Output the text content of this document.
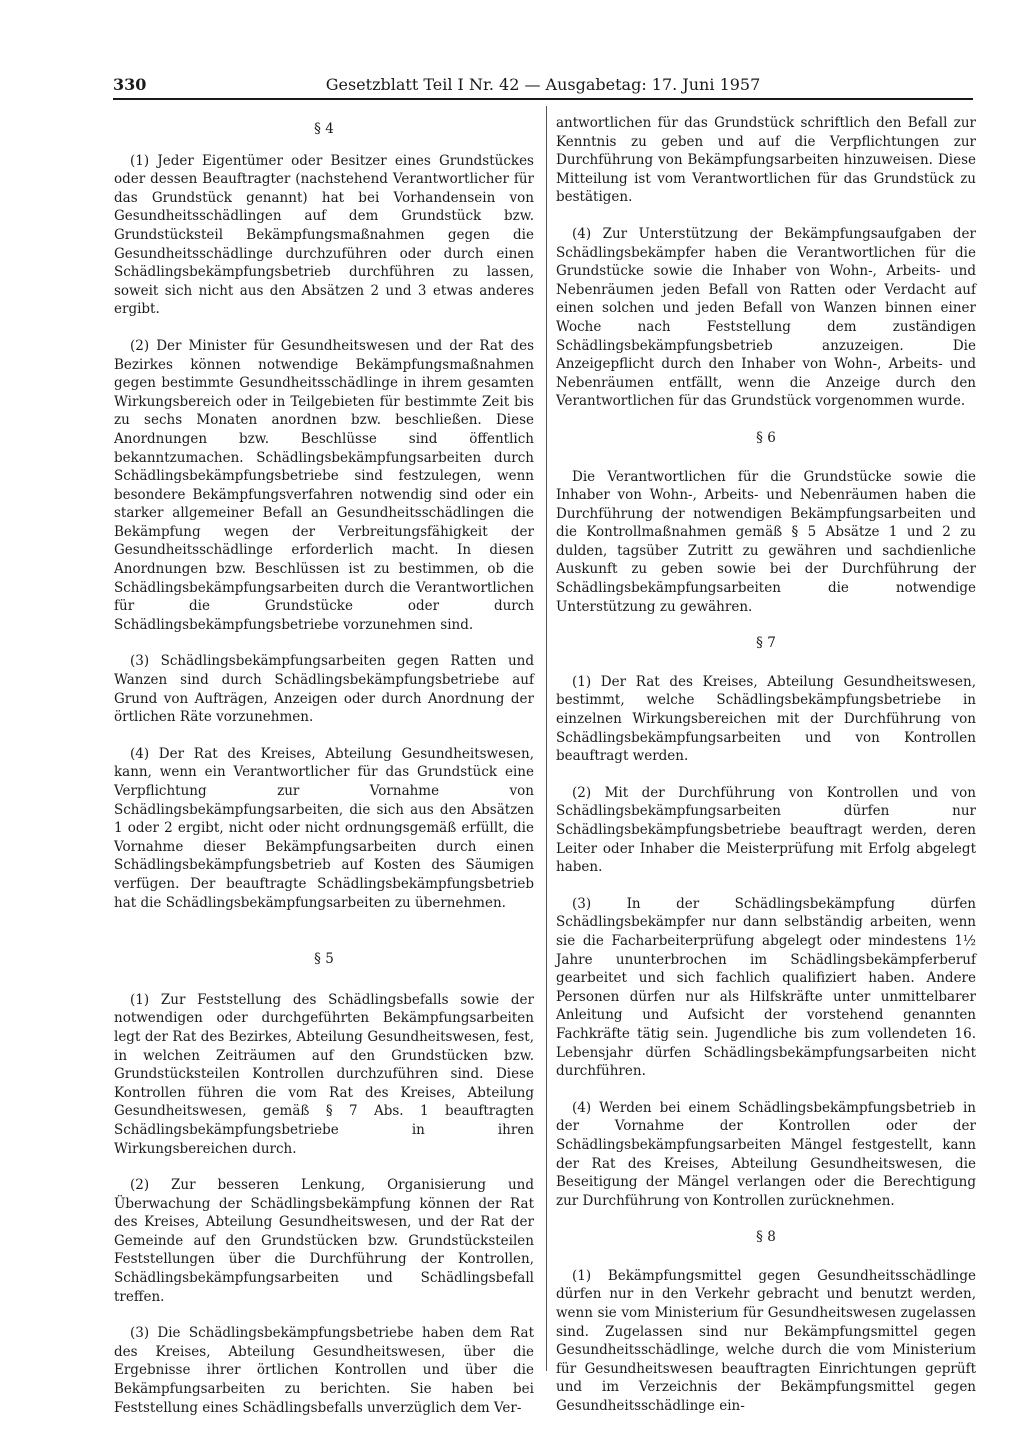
330	Gesetzblatt Teil I Nr. 42 — Ausgabetag: 17. Juni 1957
§ 4

(1) Jeder Eigentümer oder Besitzer eines Grundstückes oder dessen Beauftragter (nachstehend Verantwortlicher für das Grundstück genannt) hat bei Vorhandensein von Gesundheitsschädlingen auf dem Grundstück bzw. Grundstücksteil Bekämpfungsmaßnahmen gegen die Gesundheitsschädlinge durchzuführen oder durch einen Schädlingsbekämpfungsbetrieb durchführen zu lassen, soweit sich nicht aus den Absätzen 2 und 3 etwas anderes ergibt.

(2) Der Minister für Gesundheitswesen und der Rat des Bezirkes können notwendige Bekämpfungsmaßnahmen gegen bestimmte Gesundheitsschädlinge in ihrem gesamten Wirkungsbereich oder in Teilgebieten für bestimmte Zeit bis zu sechs Monaten anordnen bzw. beschließen. Diese Anordnungen bzw. Beschlüsse sind öffentlich bekanntzumachen. Schädlingsbekämpfungsarbeiten durch Schädlingsbekämpfungsbetriebe sind festzulegen, wenn besondere Bekämpfungsverfahren notwendig sind oder ein starker allgemeiner Befall an Gesundheitsschädlingen die Bekämpfung wegen der Verbreitungsfähigkeit der Gesundheitsschädlinge erforderlich macht. In diesen Anordnungen bzw. Beschlüssen ist zu bestimmen, ob die Schädlingsbekämpfungsarbeiten durch die Verantwortlichen für die Grundstücke oder durch Schädlingsbekämpfungsbetriebe vorzunehmen sind.

(3) Schädlingsbekämpfungsarbeiten gegen Ratten und Wanzen sind durch Schädlingsbekämpfungsbetriebe auf Grund von Aufträgen, Anzeigen oder durch Anordnung der örtlichen Räte vorzunehmen.

(4) Der Rat des Kreises, Abteilung Gesundheitswesen, kann, wenn ein Verantwortlicher für das Grundstück eine Verpflichtung zur Vornahme von Schädlingsbekämpfungsarbeiten, die sich aus den Absätzen 1 oder 2 ergibt, nicht oder nicht ordnungsgemäß erfüllt, die Vornahme dieser Bekämpfungsarbeiten durch einen Schädlingsbekämpfungsbetrieb auf Kosten des Säumigen verfügen. Der beauftragte Schädlingsbekämpfungsbetrieb hat die Schädlingsbekämpfungsarbeiten zu übernehmen.

§ 5

(1) Zur Feststellung des Schädlingsbefalls sowie der notwendigen oder durchgeführten Bekämpfungsarbeiten legt der Rat des Bezirkes, Abteilung Gesundheitswesen, fest, in welchen Zeiträumen auf den Grundstücken bzw. Grundstücksteilen Kontrollen durchzuführen sind. Diese Kontrollen führen die vom Rat des Kreises, Abteilung Gesundheitswesen, gemäß § 7 Abs. 1 beauftragten Schädlingsbekämpfungsbetriebe in ihren Wirkungsbereichen durch.

(2) Zur besseren Lenkung, Organisierung und Überwachung der Schädlingsbekämpfung können der Rat des Kreises, Abteilung Gesundheitswesen, und der Rat der Gemeinde auf den Grundstücken bzw. Grundstücksteilen Feststellungen über die Durchführung der Kontrollen, Schädlingsbekämpfungsarbeiten und Schädlingsbefall treffen.

(3) Die Schädlingsbekämpfungsbetriebe haben dem Rat des Kreises, Abteilung Gesundheitswesen, über die Ergebnisse ihrer örtlichen Kontrollen und über die Bekämpfungsarbeiten zu berichten. Sie haben bei Feststellung eines Schädlingsbefalls unverzüglich dem Ver-

antwortlichen für das Grundstück schriftlich den Befall zur Kenntnis zu geben und auf die Verpflichtungen zur Durchführung von Bekämpfungsarbeiten hinzuweisen. Diese Mitteilung ist vom Verantwortlichen für das Grundstück zu bestätigen.

(4) Zur Unterstützung der Bekämpfungsaufgaben der Schädlingsbekämpfer haben die Verantwortlichen für die Grundstücke sowie die Inhaber von Wohn-, Arbeits- und Nebenräumen jeden Befall von Ratten oder Verdacht auf einen solchen und jeden Befall von Wanzen binnen einer Woche nach Feststellung dem zuständigen Schädlingsbekämpfungsbetrieb anzuzeigen. Die Anzeigepflicht durch den Inhaber von Wohn-, Arbeits- und Nebenräumen entfällt, wenn die Anzeige durch den Verantwortlichen für das Grundstück vorgenommen wurde.

§ 6

Die Verantwortlichen für die Grundstücke sowie die Inhaber von Wohn-, Arbeits- und Nebenräumen haben die Durchführung der notwendigen Bekämpfungsarbeiten und die Kontrollmaßnahmen gemäß § 5 Absätze 1 und 2 zu dulden, tagsüber Zutritt zu gewähren und sachdienliche Auskunft zu geben sowie bei der Durchführung der Schädlingsbekämpfungsarbeiten die notwendige Unterstützung zu gewähren.

§ 7

(1) Der Rat des Kreises, Abteilung Gesundheitswesen, bestimmt, welche Schädlingsbekämpfungsbetriebe in einzelnen Wirkungsbereichen mit der Durchführung von Schädlingsbekämpfungsarbeiten und von Kontrollen beauftragt werden.

(2) Mit der Durchführung von Kontrollen und von Schädlingsbekämpfungsarbeiten dürfen nur Schädlingsbekämpfungsbetriebe beauftragt werden, deren Leiter oder Inhaber die Meisterprüfung mit Erfolg abgelegt haben.

(3) In der Schädlingsbekämpfung dürfen Schädlingsbekämpfer nur dann selbständig arbeiten, wenn sie die Facharbeiterprüfung abgelegt oder mindestens 1½ Jahre ununterbrochen im Schädlingsbekämpferberuf gearbeitet und sich fachlich qualifiziert haben. Andere Personen dürfen nur als Hilfskräfte unter unmittelbarer Anleitung und Aufsicht der vorstehend genannten Fachkräfte tätig sein. Jugendliche bis zum vollendeten 16. Lebensjahr dürfen Schädlingsbekämpfungsarbeiten nicht durchführen.

(4) Werden bei einem Schädlingsbekämpfungsbetrieb in der Vornahme der Kontrollen oder der Schädlingsbekämpfungsarbeiten Mängel festgestellt, kann der Rat des Kreises, Abteilung Gesundheitswesen, die Beseitigung der Mängel verlangen oder die Berechtigung zur Durchführung von Kontrollen zurücknehmen.

§ 8

(1) Bekämpfungsmittel gegen Gesundheitsschädlinge dürfen nur in den Verkehr gebracht und benutzt werden, wenn sie vom Ministerium für Gesundheitswesen zugelassen sind. Zugelassen sind nur Bekämpfungsmittel gegen Gesundheitsschädlinge, welche durch die vom Ministerium für Gesundheitswesen beauftragten Einrichtungen geprüft und im Verzeichnis der Bekämpfungsmittel gegen Gesundheitsschädlinge ein-
